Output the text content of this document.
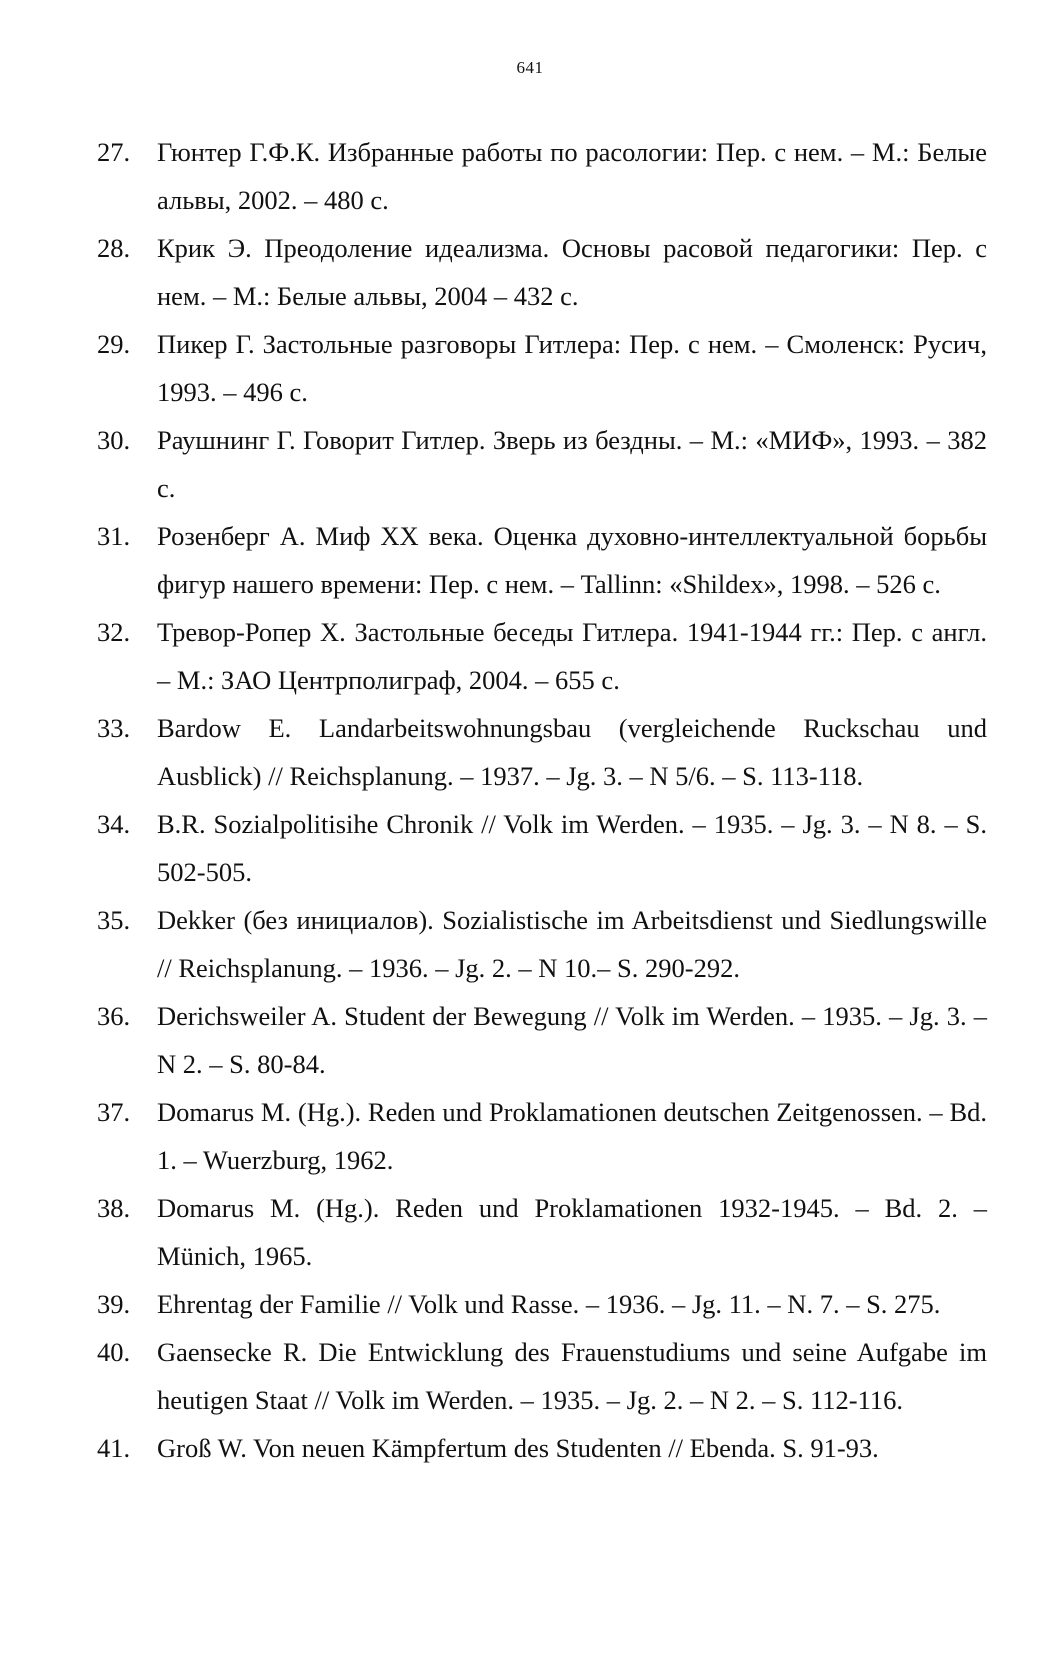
641
27.	Гюнтер Г.Ф.К. Избранные работы по расологии: Пер. с нем. – М.: Белые альвы, 2002. – 480 с.
28.	Крик Э. Преодоление идеализма. Основы расовой педагогики: Пер. с нем. – М.: Белые альвы, 2004 – 432 с.
29.	Пикер Г. Застольные разговоры Гитлера: Пер. с нем. – Смоленск: Русич, 1993. – 496 с.
30.	Раушнинг Г. Говорит Гитлер. Зверь из бездны. – М.: «МИФ», 1993. – 382 с.
31.	Розенберг А. Миф XX века. Оценка духовно-интеллектуальной борьбы фигур нашего времени: Пер. с нем. – Tallinn: «Shildex», 1998. – 526 с.
32.	Тревор-Ропер Х. Застольные беседы Гитлера. 1941-1944 гг.: Пер. с англ. – М.: ЗАО Центрполиграф, 2004. – 655 с.
33.	Bardow E. Landarbeitswohnungsbau (vergleichende Ruckschau und Ausblick) // Reichsplanung. – 1937. – Jg. 3. – N 5/6. – S. 113-118.
34.	B.R. Sozialpolitisihe Chronik // Volk im Werden. – 1935. – Jg. 3. – N 8. – S. 502-505.
35.	Dekker (без инициалов). Sozialistische im Arbeitsdienst und Siedlungswille // Reichsplanung. – 1936. – Jg. 2. – N 10.– S. 290-292.
36.	Derichsweiler A. Student der Bewegung // Volk im Werden. – 1935. – Jg. 3. – N 2. – S. 80-84.
37.	Domarus M. (Hg.). Reden und Proklamationen deutschen Zeitgenossen. – Bd. 1. – Wuerzburg, 1962.
38.	Domarus M. (Hg.). Reden und Proklamationen 1932-1945. – Bd. 2. – Münich, 1965.
39.	Ehrentag der Familie // Volk und Rasse. – 1936. – Jg. 11. – N. 7. – S. 275.
40.	Gaensecke R. Die Entwicklung des Frauenstudiums und seine Aufgabe im heutigen Staat // Volk im Werden. – 1935. – Jg. 2. – N 2. – S. 112-116.
41.	Groß W. Von neuen Kämpfertum des Studenten // Ebenda. S. 91-93.
